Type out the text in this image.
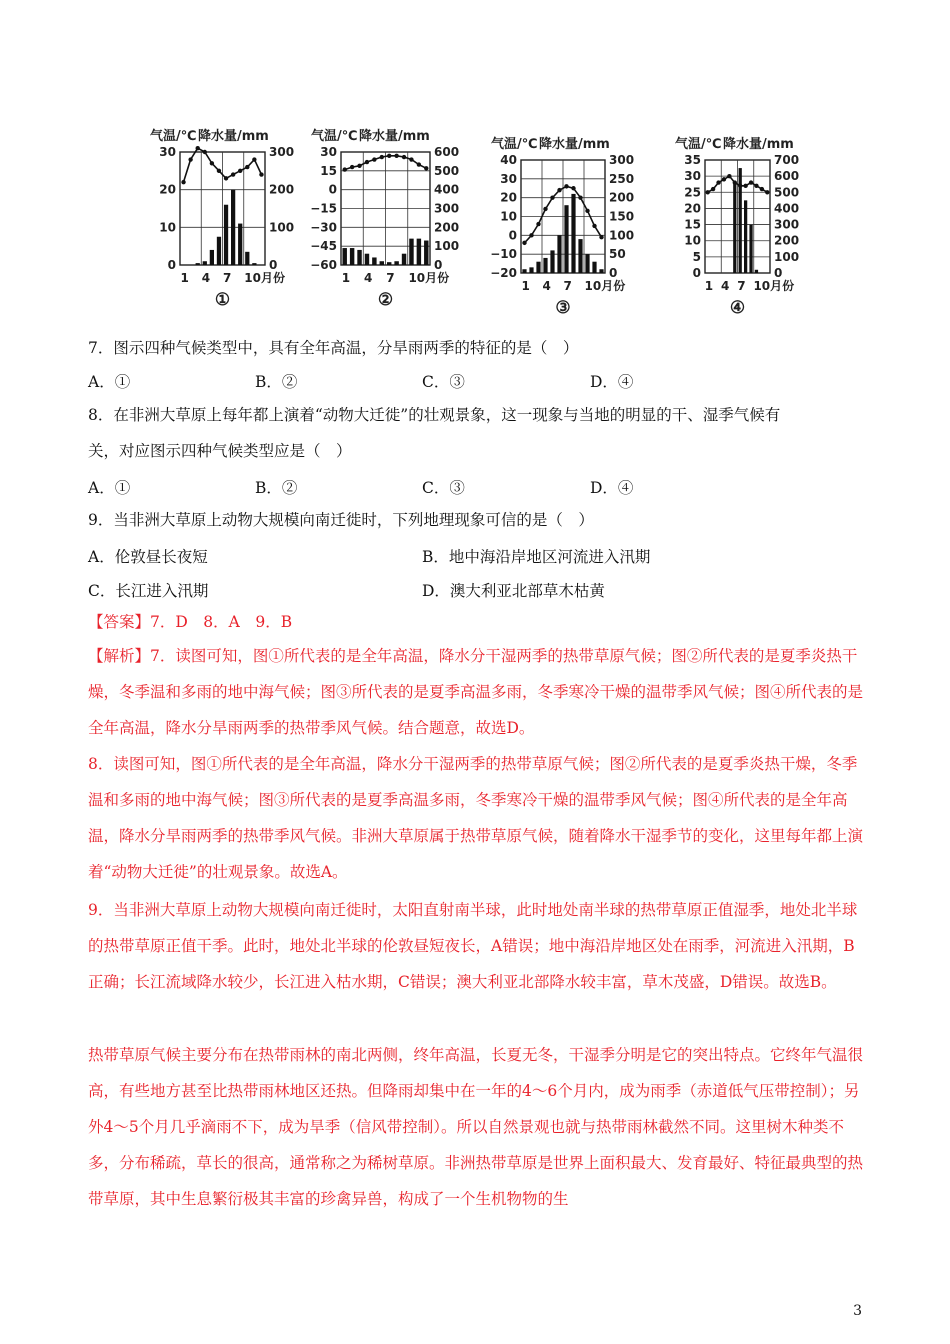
气温/℃ 降水量/mm
30	300
20	200
10	100
0	0
1 4 7 10月份
①
气温/℃ 降水量/mm
30	600
15	500
0	400
−15	300
−30	200
−45	100
−60	0
1 4 7 10月份
②
气温/℃ 降水量/mm
40	300
30	250
20	200
10	150
0	100
−10	50
−20	0
1 4 7 10月份
③
气温/℃ 降水量/mm
35	700
30	600
25	500
20	400
15	300
10	200
5	100
0	0
1 4 7 10月份
④
7．图示四种气候类型中，具有全年高温，分旱雨两季的特征的是（　）
A．①	B．②	C．③	D．④
8．在非洲大草原上每年都上演着“动物大迁徙”的壮观景象，这一现象与当地的明显的干、湿季气候有
关，对应图示四种气候类型应是（　）
A．①	B．②	C．③	D．④
9．当非洲大草原上动物大规模向南迁徙时，下列地理现象可信的是（　）
A．伦敦昼长夜短	B．地中海沿岸地区河流进入汛期
C．长江进入汛期	D．澳大利亚北部草木枯黄
【答案】7．D　8．A　9．B
【解析】7．读图可知，图①所代表的是全年高温，降水分干湿两季的热带草原气候；图②所代表的是夏季炎热干燥，冬季温和多雨的地中海气候；图③所代表的是夏季高温多雨，冬季寒冷干燥的温带季风气候；图④所代表的是全年高温，降水分旱雨两季的热带季风气候。结合题意，故选D。
8．读图可知，图①所代表的是全年高温，降水分干湿两季的热带草原气候；图②所代表的是夏季炎热干燥，冬季温和多雨的地中海气候；图③所代表的是夏季高温多雨，冬季寒冷干燥的温带季风气候；图④所代表的是全年高温，降水分旱雨两季的热带季风气候。非洲大草原属于热带草原气候，随着降水干湿季节的变化，这里每年都上演着“动物大迁徙”的壮观景象。故选A。
9．当非洲大草原上动物大规模向南迁徙时，太阳直射南半球，此时地处南半球的热带草原正值湿季，地处北半球的热带草原正值干季。此时，地处北半球的伦敦昼短夜长，A错误；地中海沿岸地区处在雨季，河流进入汛期，B正确；长江流域降水较少，长江进入枯水期，C错误；澳大利亚北部降水较丰富，草木茂盛，D错误。故选B。
热带草原气候主要分布在热带雨林的南北两侧，终年高温，长夏无冬，干湿季分明是它的突出特点。它终年气温很高，有些地方甚至比热带雨林地区还热。但降雨却集中在一年的4～6个月内，成为雨季（赤道低气压带控制）；另外4～5个月几乎滴雨不下，成为旱季（信风带控制）。所以自然景观也就与热带雨林截然不同。这里树木种类不多，分布稀疏，草长的很高，通常称之为稀树草原。非洲热带草原是世界上面积最大、发育最好、特征最典型的热带草原，其中生息繁衍极其丰富的珍禽异兽，构成了一个生机物物的生
3
